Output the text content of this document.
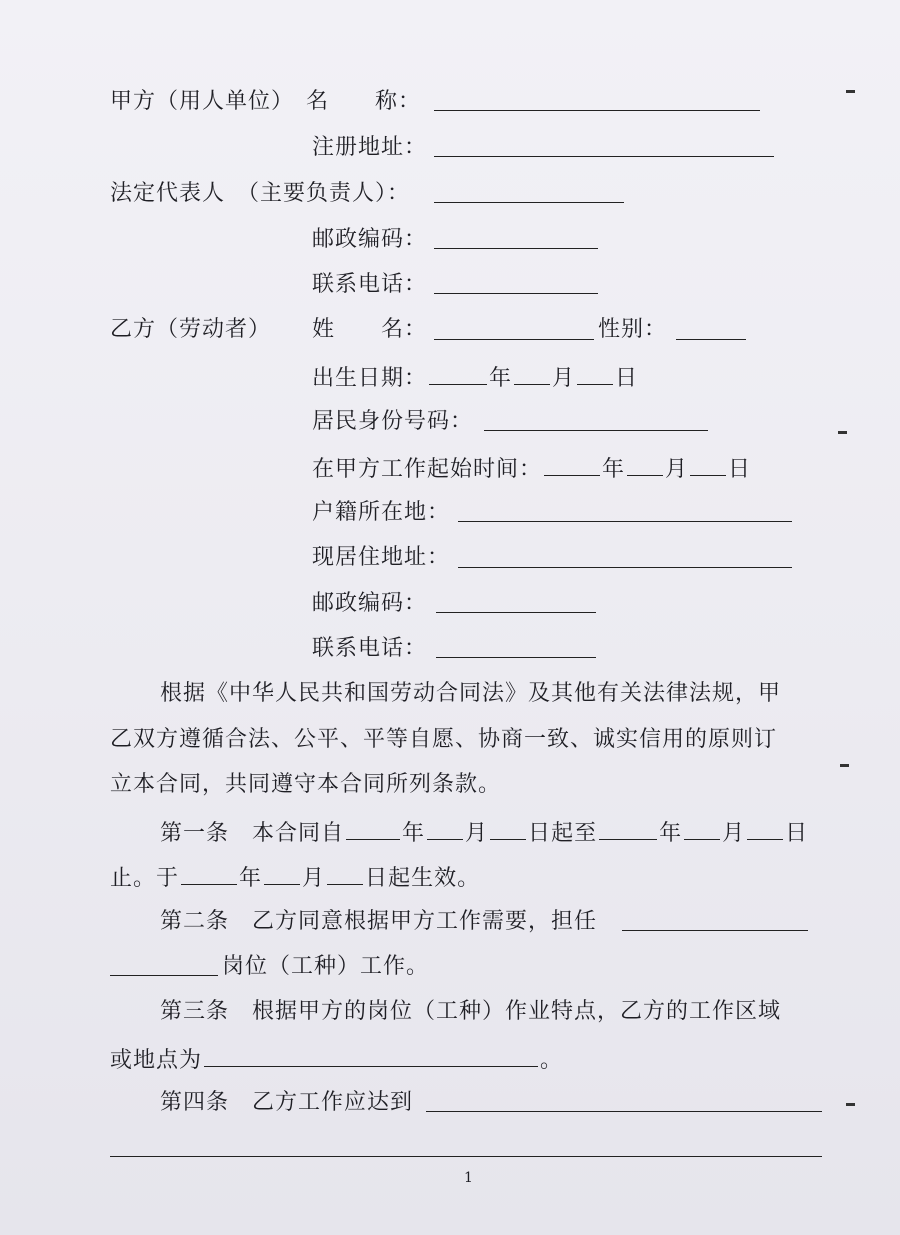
甲方（用人单位） 名　　称：
注册地址：
法定代表人　（主要负责人）：
邮政编码：
联系电话：
乙方（劳动者） 姓　　名：	性别：
出生日期：	年 月 日
居民身份号码：
在甲方工作起始时间：	年 月 日
户籍所在地：
现居住地址：
邮政编码：
联系电话：
根据《中华人民共和国劳动合同法》及其他有关法律法规，甲
乙双方遵循合法、公平、平等自愿、协商一致、诚实信用的原则订
立本合同，共同遵守本合同所列条款。
第一条　本合同自	年 月 日起至	年 月 日
止。于	年 月 日起生效。
第二条　乙方同意根据甲方工作需要，担任
岗位（工种）工作。
第三条　根据甲方的岗位（工种）作业特点，乙方的工作区域
或地点为	。
第四条　乙方工作应达到
1
